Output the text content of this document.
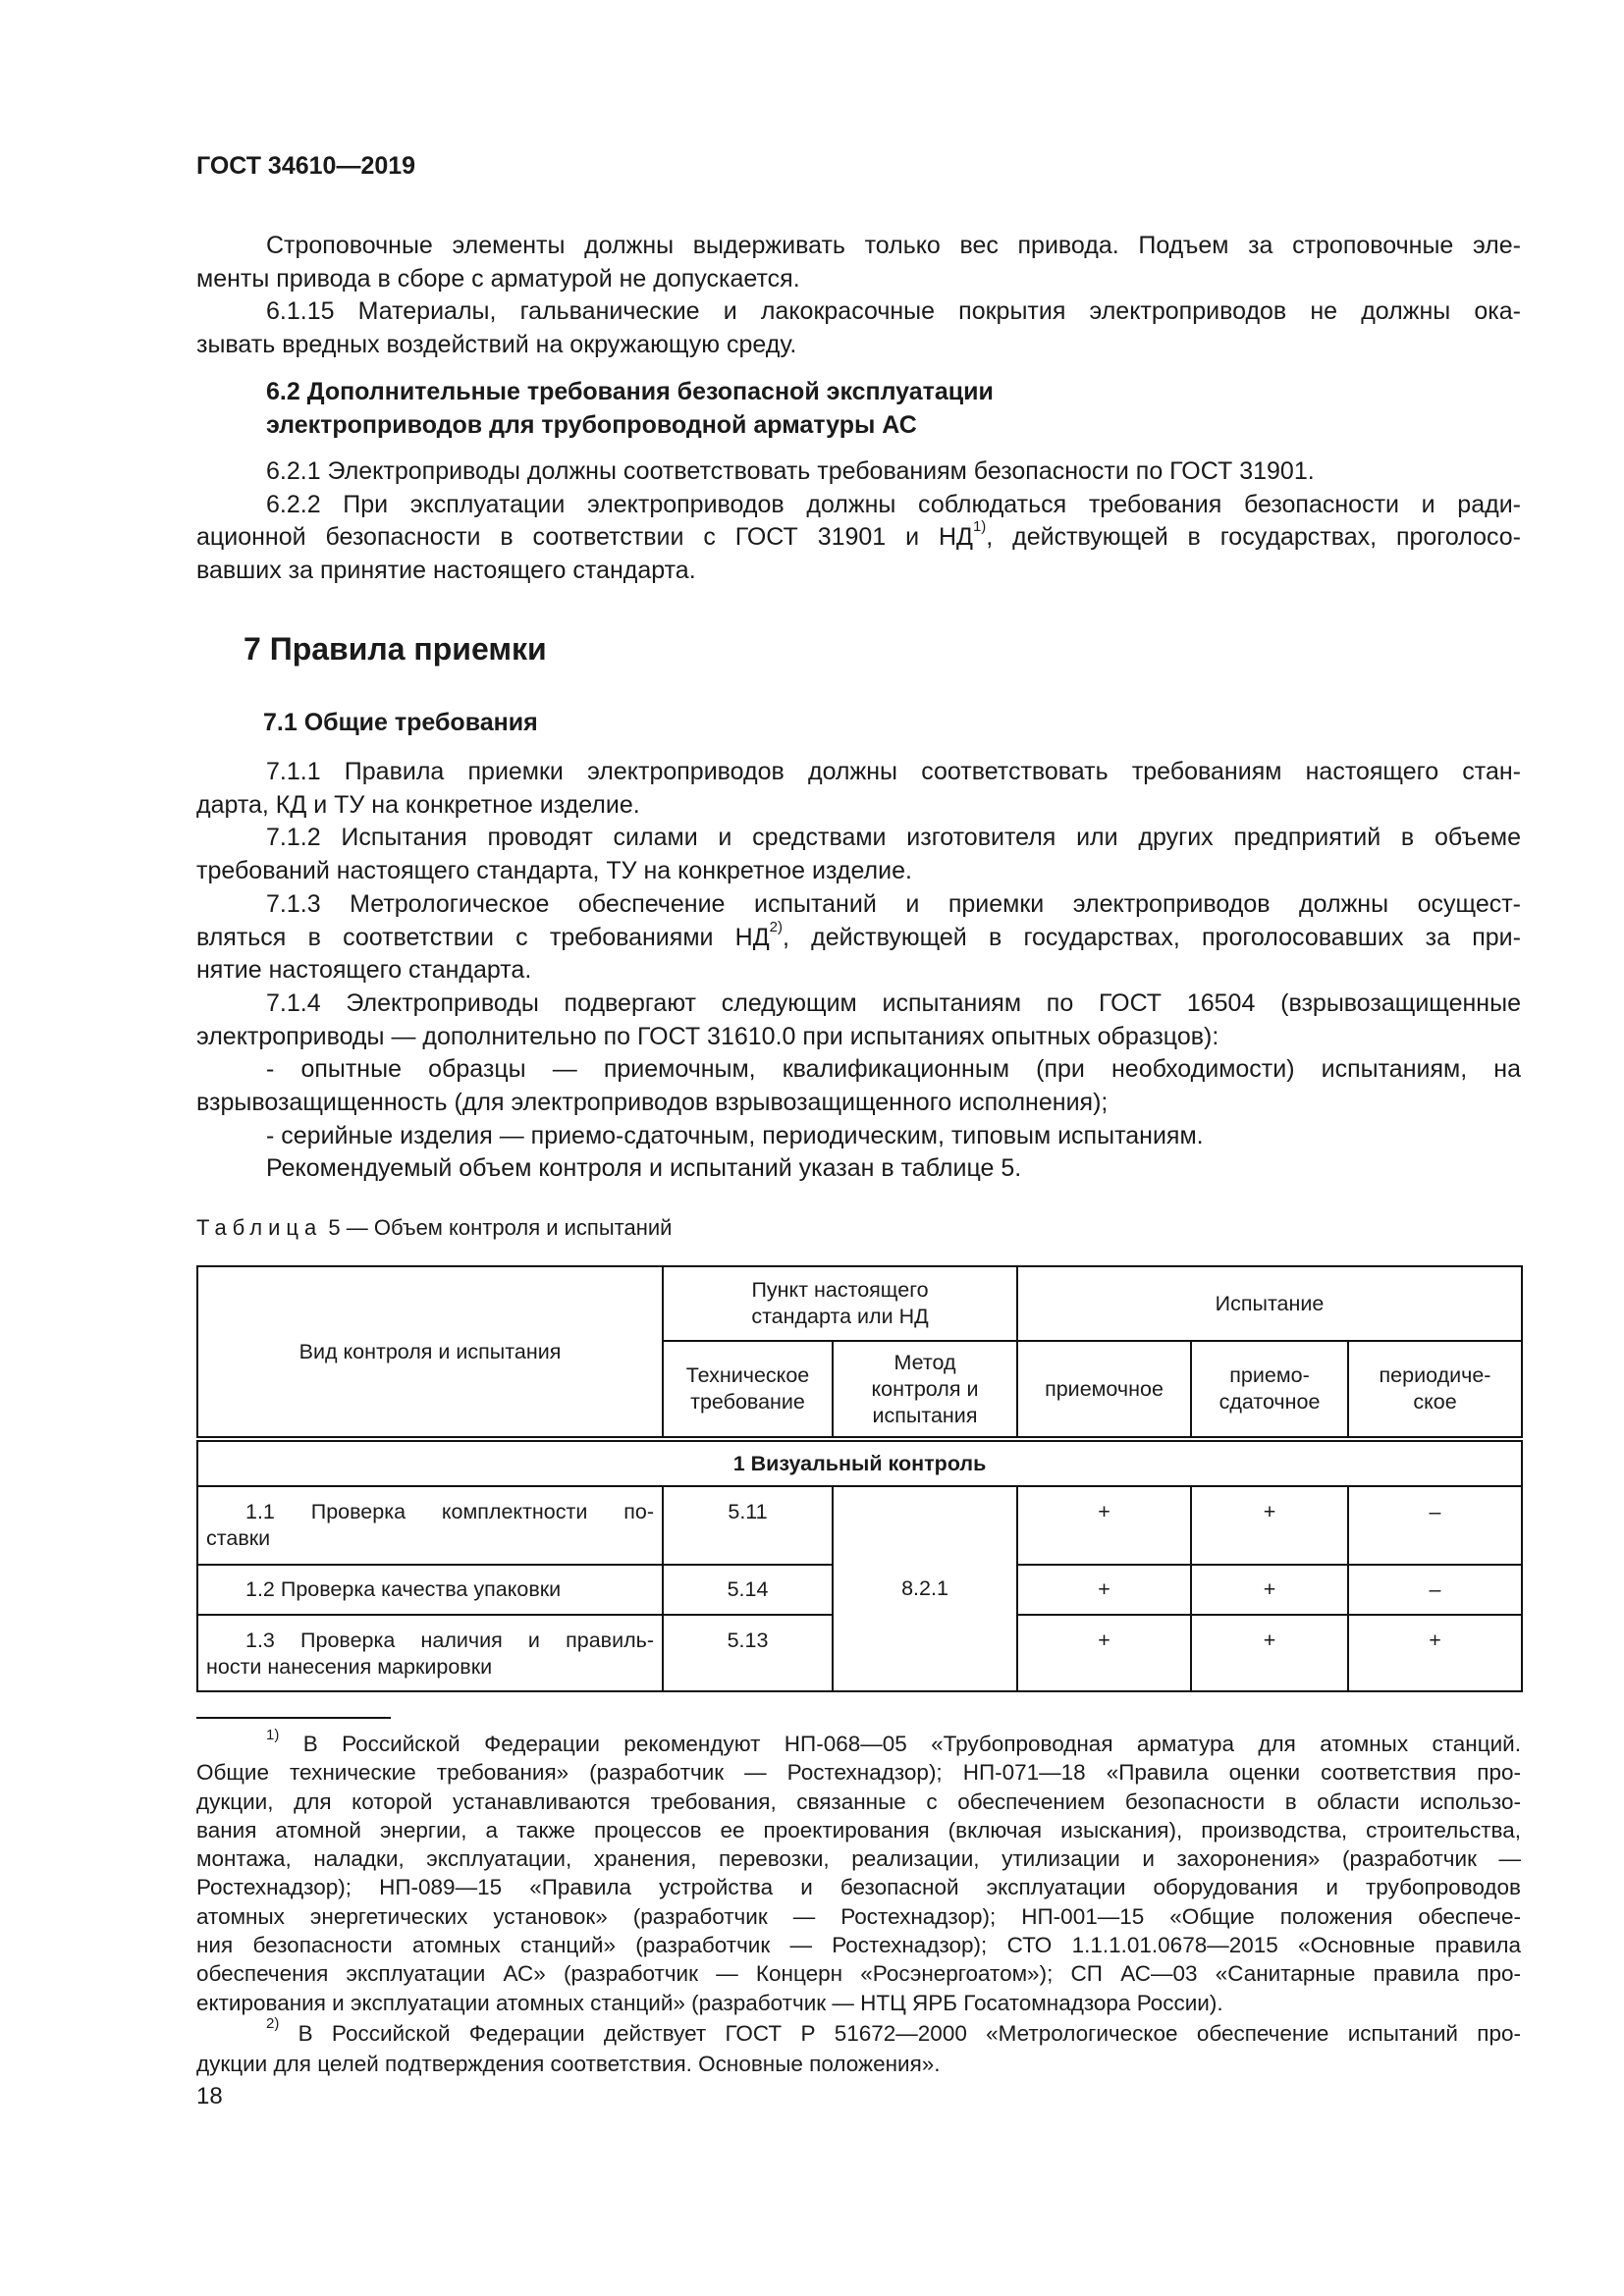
ГОСТ 34610—2019
Строповочные элементы должны выдерживать только вес привода. Подъем за строповочные эле-
менты привода в сборе с арматурой не допускается.
6.1.15 Материалы, гальванические и лакокрасочные покрытия электроприводов не должны ока-
зывать вредных воздействий на окружающую среду.
6.2 Дополнительные требования безопасной эксплуатации
электроприводов для трубопроводной арматуры АС
6.2.1 Электроприводы должны соответствовать требованиям безопасности по ГОСТ 31901.
6.2.2 При эксплуатации электроприводов должны соблюдаться требования безопасности и ради-
ационной безопасности в соответствии с ГОСТ 31901 и НД$^{1)}$, действующей в государствах, проголосо-
вавших за принятие настоящего стандарта.
7 Правила приемки
7.1 Общие требования
7.1.1 Правила приемки электроприводов должны соответствовать требованиям настоящего стан-
дарта, КД и ТУ на конкретное изделие.
7.1.2 Испытания проводят силами и средствами изготовителя или других предприятий в объеме
требований настоящего стандарта, ТУ на конкретное изделие.
7.1.3 Метрологическое обеспечение испытаний и приемки электроприводов должны осущест-
вляться в соответствии с требованиями НД$^{2)}$, действующей в государствах, проголосовавших за при-
нятие настоящего стандарта.
7.1.4 Электроприводы подвергают следующим испытаниям по ГОСТ 16504 (взрывозащищенные
электроприводы — дополнительно по ГОСТ 31610.0 при испытаниях опытных образцов):
- опытные образцы — приемочным, квалификационным (при необходимости) испытаниям, на
взрывозащищенность (для электроприводов взрывозащищенного исполнения);
- серийные изделия — приемо-сдаточным, периодическим, типовым испытаниям.
Рекомендуемый объем контроля и испытаний указан в таблице 5.
Таблица 5 — Объем контроля и испытаний
Вид контроля и испытания	Пункт настоящего стандарта или НД		Испытание		
	Техническое требование	Метод контроля и испытания	приемочное	приемо- сдаточное	периодиче- ское
1 Визуальный контроль					

1.1 Проверка комплектности по-
ставки	5.11	8.2.1	+	+	–

1.2 Проверка качества упаковки	5.14		+	+	–

1.3 Проверка наличия и правиль-
ности нанесения маркировки	5.13		+	+	+
$^{1)}$ В Российской Федерации рекомендуют НП-068—05 «Трубопроводная арматура для атомных станций.
Общие технические требования» (разработчик — Ростехнадзор); НП-071—18 «Правила оценки соответствия про-
дукции, для которой устанавливаются требования, связанные с обеспечением безопасности в области использо-
вания атомной энергии, а также процессов ее проектирования (включая изыскания), производства, строительства,
монтажа, наладки, эксплуатации, хранения, перевозки, реализации, утилизации и захоронения» (разработчик —
Ростехнадзор); НП-089—15 «Правила устройства и безопасной эксплуатации оборудования и трубопроводов
атомных энергетических установок» (разработчик — Ростехнадзор); НП-001—15 «Общие положения обеспече-
ния безопасности атомных станций» (разработчик — Ростехнадзор); СТО 1.1.1.01.0678—2015 «Основные правила
обеспечения эксплуатации АС» (разработчик — Концерн «Росэнергоатом»); СП АС—03 «Санитарные правила про-
ектирования и эксплуатации атомных станций» (разработчик — НТЦ ЯРБ Госатомнадзора России).
$^{2)}$ В Российской Федерации действует ГОСТ Р 51672—2000 «Метрологическое обеспечение испытаний про-
дукции для целей подтверждения соответствия. Основные положения».
18
